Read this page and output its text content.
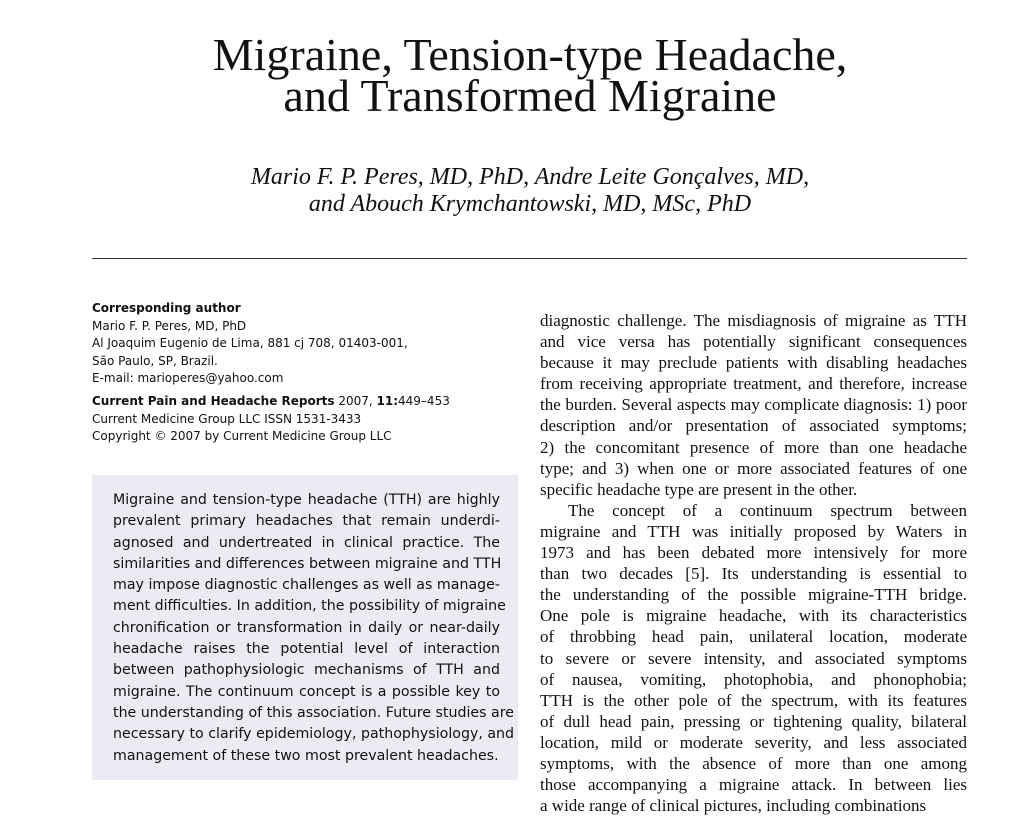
Migraine, Tension-type Headache,
and Transformed Migraine
Mario F. P. Peres, MD, PhD, Andre Leite Gonçalves, MD,
and Abouch Krymchantowski, MD, MSc, PhD
Corresponding author
Mario F. P. Peres, MD, PhD
Al Joaquim Eugenio de Lima, 881 cj 708, 01403-001,
São Paulo, SP, Brazil.
E-mail: marioperes@yahoo.com
Current Pain and Headache Reports 2007, 11:449–453
Current Medicine Group LLC ISSN 1531-3433
Copyright © 2007 by Current Medicine Group LLC
Migraine and tension-type headache (TTH) are highly
prevalent primary headaches that remain underdi-
agnosed and undertreated in clinical practice. The
similarities and differences between migraine and TTH
may impose diagnostic challenges as well as manage-
ment difficulties. In addition, the possibility of migraine
chronification or transformation in daily or near-daily
headache raises the potential level of interaction
between pathophysiologic mechanisms of TTH and
migraine. The continuum concept is a possible key to
the understanding of this association. Future studies are
necessary to clarify epidemiology, pathophysiology, and
management of these two most prevalent headaches.
diagnostic challenge. The misdiagnosis of migraine as TTH
and vice versa has potentially significant consequences
because it may preclude patients with disabling headaches
from receiving appropriate treatment, and therefore, increase
the burden. Several aspects may complicate diagnosis: 1) poor
description and/or presentation of associated symptoms;
2) the concomitant presence of more than one headache
type; and 3) when one or more associated features of one
specific headache type are present in the other.
The concept of a continuum spectrum between
migraine and TTH was initially proposed by Waters in
1973 and has been debated more intensively for more
than two decades [5]. Its understanding is essential to
the understanding of the possible migraine-TTH bridge.
One pole is migraine headache, with its characteristics
of throbbing head pain, unilateral location, moderate
to severe or severe intensity, and associated symptoms
of nausea, vomiting, photophobia, and phonophobia;
TTH is the other pole of the spectrum, with its features
of dull head pain, pressing or tightening quality, bilateral
location, mild or moderate severity, and less associated
symptoms, with the absence of more than one among
those accompanying a migraine attack. In between lies
a wide range of clinical pictures, including combinations
